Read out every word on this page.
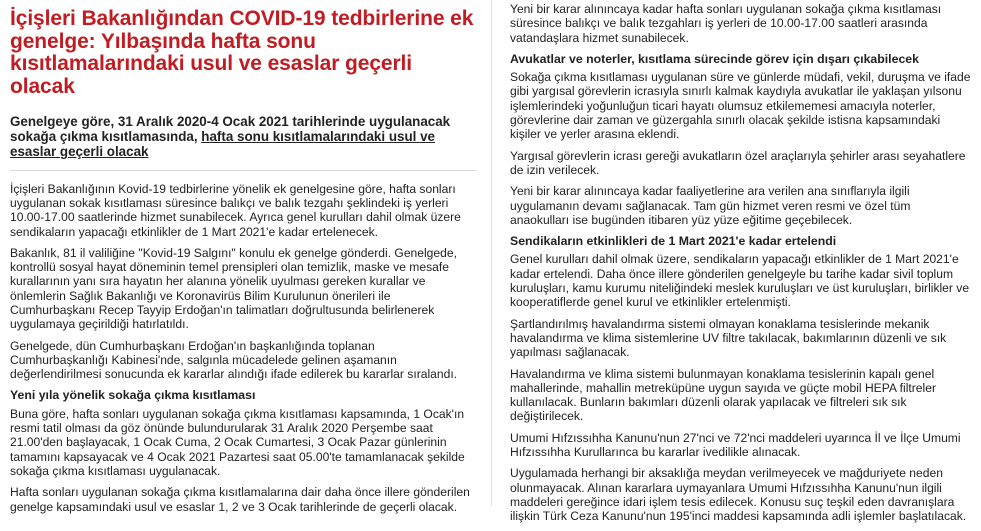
İçişleri Bakanlığından COVID-19 tedbirlerine ek genelge: Yılbaşında hafta sonu kısıtlamalarındaki usul ve esaslar geçerli olacak
Genelgeye göre, 31 Aralık 2020-4 Ocak 2021 tarihlerinde uygulanacak sokağa çıkma kısıtlamasında, hafta sonu kısıtlamalarındaki usul ve esaslar geçerli olacak

İçişleri Bakanlığının Kovid-19 tedbirlerine yönelik ek genelgesine göre, hafta sonları uygulanan sokak kısıtlaması süresince balıkçı ve balık tezgahı şeklindeki iş yerleri 10.00-17.00 saatlerinde hizmet sunabilecek. Ayrıca genel kurulları dahil olmak üzere sendikaların yapacağı etkinlikler de 1 Mart 2021'e kadar ertelenecek.

Bakanlık, 81 il valiliğine "Kovid-19 Salgını" konulu ek genelge gönderdi. Genelgede, kontrollü sosyal hayat döneminin temel prensipleri olan temizlik, maske ve mesafe kurallarının yanı sıra hayatın her alanına yönelik uyulması gereken kurallar ve önlemlerin Sağlık Bakanlığı ve Koronavirüs Bilim Kurulunun önerileri ile Cumhurbaşkanı Recep Tayyip Erdoğan'ın talimatları doğrultusunda belirlenerek uygulamaya geçirildiği hatırlatıldı.

Genelgede, dün Cumhurbaşkanı Erdoğan'ın başkanlığında toplanan Cumhurbaşkanlığı Kabinesi'nde, salgınla mücadelede gelinen aşamanın değerlendirilmesi sonucunda ek kararlar alındığı ifade edilerek bu kararlar sıralandı.

Yeni yıla yönelik sokağa çıkma kısıtlaması

Buna göre, hafta sonları uygulanan sokağa çıkma kısıtlaması kapsamında, 1 Ocak'ın resmi tatil olması da göz önünde bulundurularak 31 Aralık 2020 Perşembe saat 21.00'den başlayacak, 1 Ocak Cuma, 2 Ocak Cumartesi, 3 Ocak Pazar günlerinin tamamını kapsayacak ve 4 Ocak 2021 Pazartesi saat 05.00'te tamamlanacak şekilde sokağa çıkma kısıtlaması uygulanacak.

Hafta sonları uygulanan sokağa çıkma kısıtlamalarına dair daha önce illere gönderilen genelge kapsamındaki usul ve esaslar 1, 2 ve 3 Ocak tarihlerinde de geçerli olacak.

Yeni bir karar alınıncaya kadar hafta sonları uygulanan sokağa çıkma kısıtlaması süresince balıkçı ve balık tezgahları iş yerleri de 10.00-17.00 saatleri arasında vatandaşlara hizmet sunabilecek.

Avukatlar ve noterler, kısıtlama sürecinde görev için dışarı çıkabilecek

Sokağa çıkma kısıtlaması uygulanan süre ve günlerde müdafi, vekil, duruşma ve ifade gibi yargısal görevlerin icrasıyla sınırlı kalmak kaydıyla avukatlar ile yaklaşan yılsonu işlemlerindeki yoğunluğun ticari hayatı olumsuz etkilememesi amacıyla noterler, görevlerine dair zaman ve güzergahla sınırlı olacak şekilde istisna kapsamındaki kişiler ve yerler arasına eklendi.

Yargısal görevlerin icrası gereği avukatların özel araçlarıyla şehirler arası seyahatlere de izin verilecek.

Yeni bir karar alınıncaya kadar faaliyetlerine ara verilen ana sınıflarıyla ilgili uygulamanın devamı sağlanacak. Tam gün hizmet veren resmi ve özel tüm anaokulları ise bugünden itibaren yüz yüze eğitime geçebilecek.

Sendikaların etkinlikleri de 1 Mart 2021'e kadar ertelendi

Genel kurulları dahil olmak üzere, sendikaların yapacağı etkinlikler de 1 Mart 2021'e kadar ertelendi. Daha önce illere gönderilen genelgeyle bu tarihe kadar sivil toplum kuruluşları, kamu kurumu niteliğindeki meslek kuruluşları ve üst kuruluşları, birlikler ve kooperatiflerde genel kurul ve etkinlikler ertelenmişti.

Şartlandırılmış havalandırma sistemi olmayan konaklama tesislerinde mekanik havalandırma ve klima sistemlerine UV filtre takılacak, bakımlarının düzenli ve sık yapılması sağlanacak.

Havalandırma ve klima sistemi bulunmayan konaklama tesislerinin kapalı genel mahallerinde, mahallin metreküpüne uygun sayıda ve güçte mobil HEPA filtreler kullanılacak. Bunların bakımları düzenli olarak yapılacak ve filtreleri sık sık değiştirilecek.

Umumi Hıfzıssıhha Kanunu'nun 27'nci ve 72'nci maddeleri uyarınca İl ve İlçe Umumi Hıfzıssıhha Kurullarınca bu kararlar ivedilikle alınacak.

Uygulamada herhangi bir aksaklığa meydan verilmeyecek ve mağduriyete neden olunmayacak. Alınan kararlara uymayanlara Umumi Hıfzıssıhha Kanunu'nun ilgili maddeleri gereğince idari işlem tesis edilecek. Konusu suç teşkil eden davranışlara ilişkin Türk Ceza Kanunu'nun 195'inci maddesi kapsamında adli işlemler başlatılacak.
